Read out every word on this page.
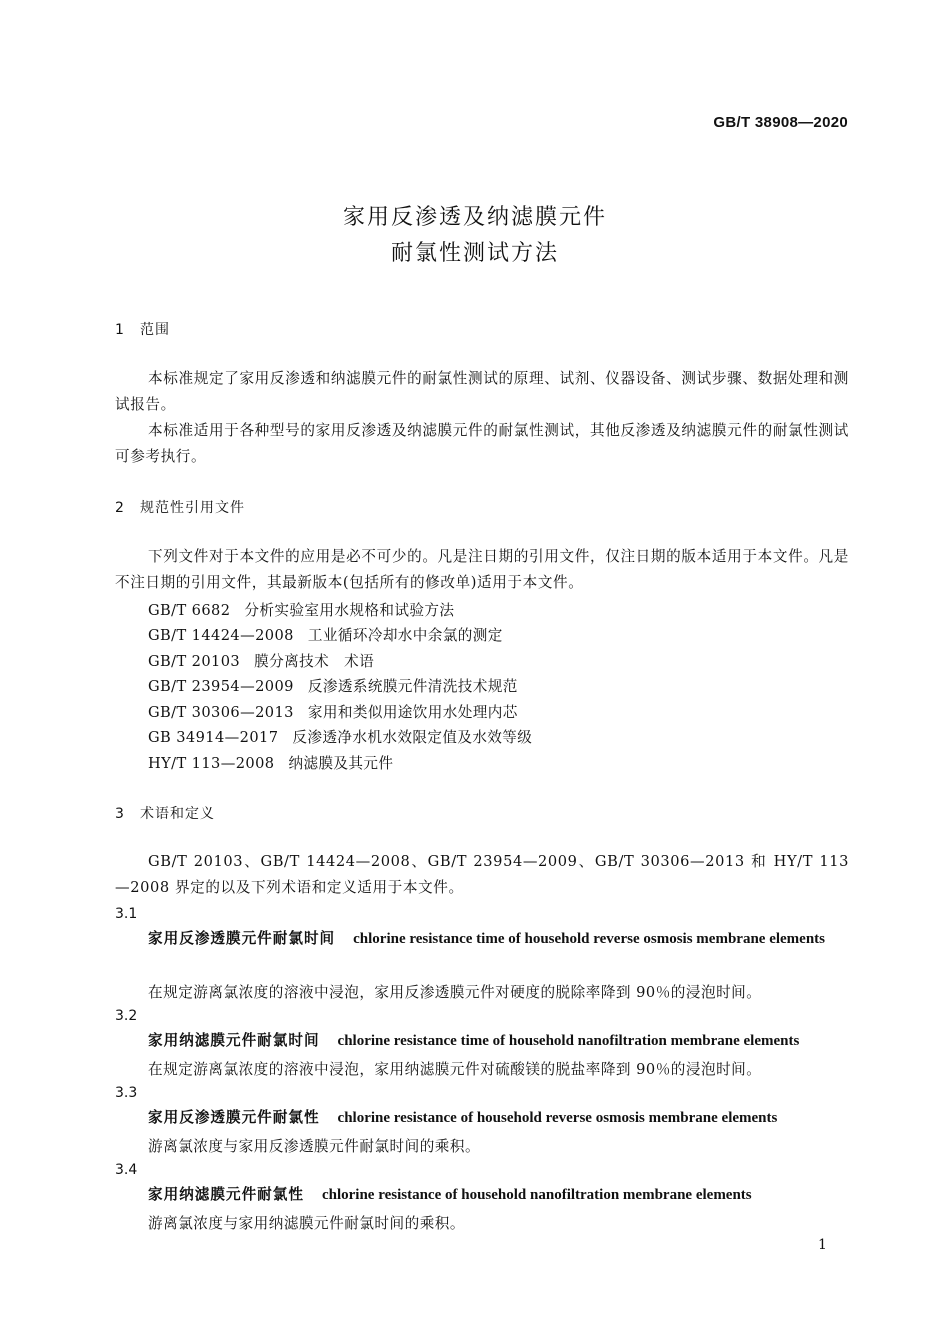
GB/T 38908—2020
家用反渗透及纳滤膜元件
耐氯性测试方法
1 范围
本标准规定了家用反渗透和纳滤膜元件的耐氯性测试的原理、试剂、仪器设备、测试步骤、数据处理和测试报告。
本标准适用于各种型号的家用反渗透及纳滤膜元件的耐氯性测试，其他反渗透及纳滤膜元件的耐氯性测试可参考执行。
2 规范性引用文件
下列文件对于本文件的应用是必不可少的。凡是注日期的引用文件，仅注日期的版本适用于本文件。凡是不注日期的引用文件，其最新版本(包括所有的修改单)适用于本文件。
GB/T 6682 分析实验室用水规格和试验方法
GB/T 14424—2008 工业循环冷却水中余氯的测定
GB/T 20103 膜分离技术　术语
GB/T 23954—2009 反渗透系统膜元件清洗技术规范
GB/T 30306—2013 家用和类似用途饮用水处理内芯
GB 34914—2017 反渗透净水机水效限定值及水效等级
HY/T 113—2008 纳滤膜及其元件
3 术语和定义
GB/T 20103、GB/T 14424—2008、GB/T 23954—2009、GB/T 30306—2013 和 HY/T 113—2008 界定的以及下列术语和定义适用于本文件。
3.1
家用反渗透膜元件耐氯时间 chlorine resistance time of household reverse osmosis membrane elements
在规定游离氯浓度的溶液中浸泡，家用反渗透膜元件对硬度的脱除率降到 90％的浸泡时间。
3.2
家用纳滤膜元件耐氯时间 chlorine resistance time of household nanofiltration membrane elements
在规定游离氯浓度的溶液中浸泡，家用纳滤膜元件对硫酸镁的脱盐率降到 90％的浸泡时间。
3.3
家用反渗透膜元件耐氯性 chlorine resistance of household reverse osmosis membrane elements
游离氯浓度与家用反渗透膜元件耐氯时间的乘积。
3.4
家用纳滤膜元件耐氯性 chlorine resistance of household nanofiltration membrane elements
游离氯浓度与家用纳滤膜元件耐氯时间的乘积。
1
